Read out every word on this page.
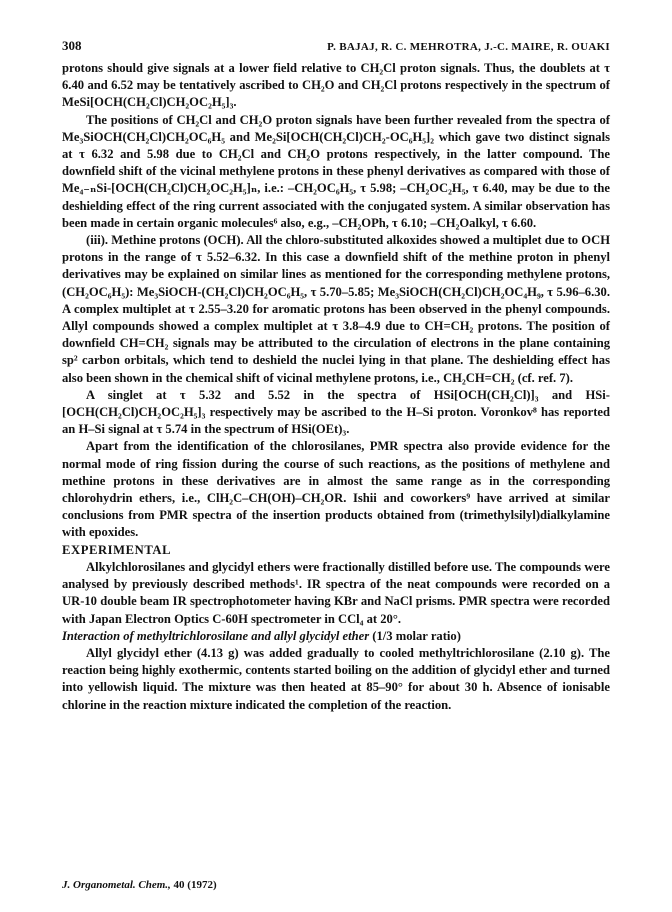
308	P. BAJAJ, R. C. MEHROTRA, J.-C. MAIRE, R. OUAKI

protons should give signals at a lower field relative to CH₂Cl proton signals. Thus, the doublets at τ 6.40 and 6.52 may be tentatively ascribed to CH₂O and CH₂Cl protons respectively in the spectrum of MeSi[OCH(CH₂Cl)CH₂OC₂H₅]₃.

The positions of CH₂Cl and CH₂O proton signals have been further revealed from the spectra of Me₃SiOCH(CH₂Cl)CH₂OC₆H₅ and Me₂Si[OCH(CH₂Cl)CH₂-OC₆H₅]₂ which gave two distinct signals at τ 6.32 and 5.98 due to CH₂Cl and CH₂O protons respectively, in the latter compound. The downfield shift of the vicinal methylene protons in these phenyl derivatives as compared with those of Me₄₋ₙSi-[OCH(CH₂Cl)CH₂OC₂H₅]ₙ, i.e.: –CH₂OC₆H₅, τ 5.98; –CH₂OC₂H₅, τ 6.40, may be due to the deshielding effect of the ring current associated with the conjugated system. A similar observation has been made in certain organic molecules⁶ also, e.g., –CH₂OPh, τ 6.10; –CH₂Oalkyl, τ 6.60.

(iii). Methine protons (OCH). All the chloro-substituted alkoxides showed a multiplet due to OCH protons in the range of τ 5.52–6.32. In this case a downfield shift of the methine proton in phenyl derivatives may be explained on similar lines as mentioned for the corresponding methylene protons, (CH₂OC₆H₅): Me₃SiOCH-(CH₂Cl)CH₂OC₆H₅, τ 5.70–5.85; Me₃SiOCH(CH₂Cl)CH₂OC₄H₉, τ 5.96–6.30. A complex multiplet at τ 2.55–3.20 for aromatic protons has been observed in the phenyl compounds. Allyl compounds showed a complex multiplet at τ 3.8–4.9 due to CH=CH₂ protons. The position of downfield CH=CH₂ signals may be attributed to the circulation of electrons in the plane containing sp² carbon orbitals, which tend to deshield the nuclei lying in that plane. The deshielding effect has also been shown in the chemical shift of vicinal methylene protons, i.e., CH₂CH=CH₂ (cf. ref. 7).

A singlet at τ 5.32 and 5.52 in the spectra of HSi[OCH(CH₂Cl)]₃ and HSi-[OCH(CH₂Cl)CH₂OC₂H₅]₃ respectively may be ascribed to the H–Si proton. Voronkov⁸ has reported an H–Si signal at τ 5.74 in the spectrum of HSi(OEt)₃.

Apart from the identification of the chlorosilanes, PMR spectra also provide evidence for the normal mode of ring fission during the course of such reactions, as the positions of methylene and methine protons in these derivatives are in almost the same range as in the corresponding chlorohydrin ethers, i.e., ClH₂C–CH(OH)–CH₂OR. Ishii and coworkers⁹ have arrived at similar conclusions from PMR spectra of the insertion products obtained from (trimethylsilyl)dialkylamine with epoxides.

EXPERIMENTAL

Alkylchlorosilanes and glycidyl ethers were fractionally distilled before use. The compounds were analysed by previously described methods¹. IR spectra of the neat compounds were recorded on a UR-10 double beam IR spectrophotometer having KBr and NaCl prisms. PMR spectra were recorded with Japan Electron Optics C-60H spectrometer in CCl₄ at 20°.

Interaction of methyltrichlorosilane and allyl glycidyl ether (1/3 molar ratio)

Allyl glycidyl ether (4.13 g) was added gradually to cooled methyltrichlorosilane (2.10 g). The reaction being highly exothermic, contents started boiling on the addition of glycidyl ether and turned into yellowish liquid. The mixture was then heated at 85–90° for about 30 h. Absence of ionisable chlorine in the reaction mixture indicated the completion of the reaction.

J. Organometal. Chem., 40 (1972)
